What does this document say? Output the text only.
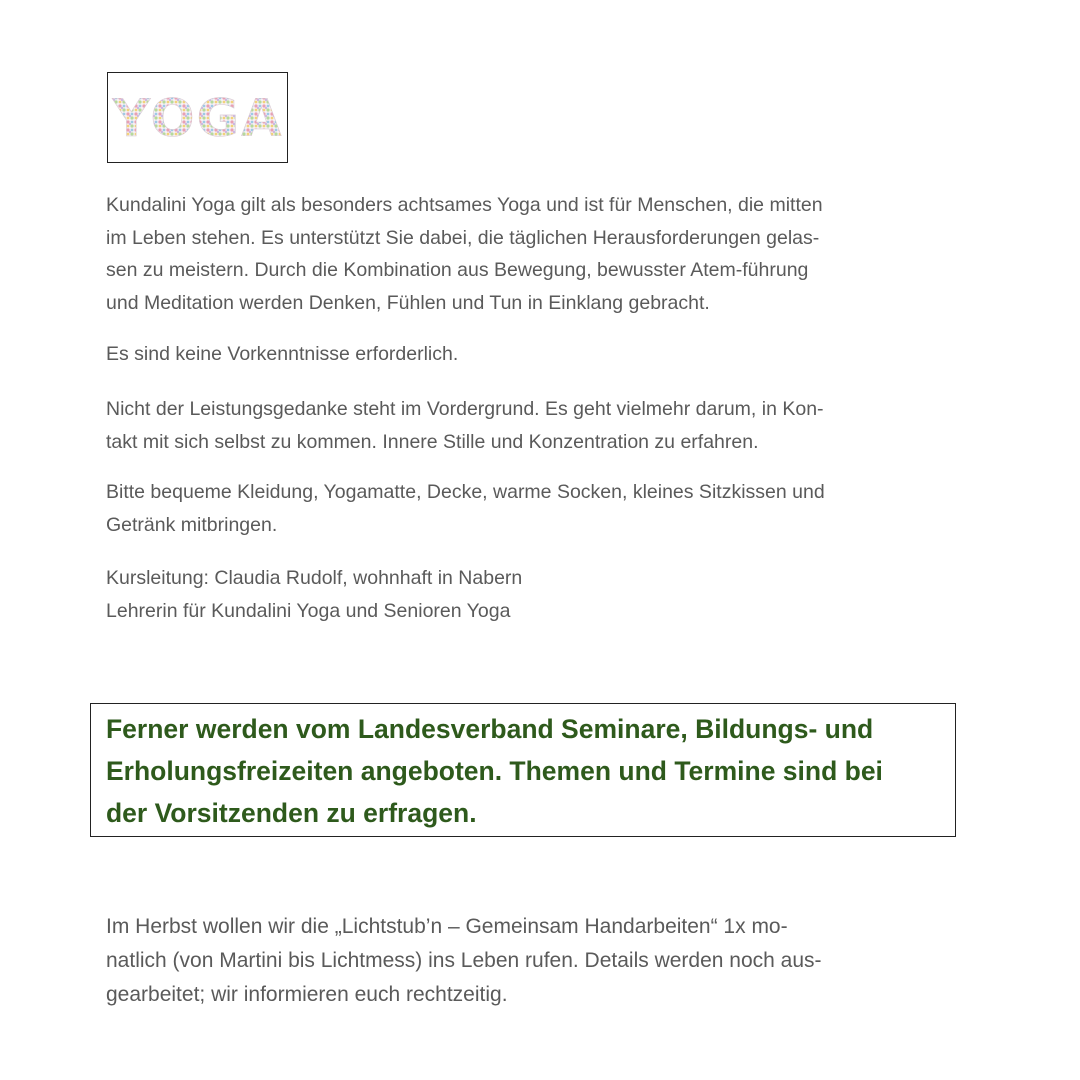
YOGA
Kundalini Yoga gilt als besonders achtsames Yoga und ist für Menschen, die mitten
im Leben stehen. Es unterstützt Sie dabei, die täglichen Herausforderungen gelas-
sen zu meistern. Durch die Kombination aus Bewegung, bewusster Atem-führung
und Meditation werden Denken, Fühlen und Tun in Einklang gebracht.
Es sind keine Vorkenntnisse erforderlich.
Nicht der Leistungsgedanke steht im Vordergrund. Es geht vielmehr darum, in Kon-
takt mit sich selbst zu kommen. Innere Stille und Konzentration zu erfahren.
Bitte bequeme Kleidung, Yogamatte, Decke, warme Socken, kleines Sitzkissen und
Getränk mitbringen.
Kursleitung: Claudia Rudolf, wohnhaft in Nabern
Lehrerin für Kundalini Yoga und Senioren Yoga
Ferner werden vom Landesverband Seminare, Bildungs- und
Erholungsfreizeiten angeboten. Themen und Termine sind bei
der Vorsitzenden zu erfragen.
Im Herbst wollen wir die „Lichtstub’n – Gemeinsam Handarbeiten“ 1x mo-
natlich (von Martini bis Lichtmess) ins Leben rufen. Details werden noch aus-
gearbeitet; wir informieren euch rechtzeitig.
